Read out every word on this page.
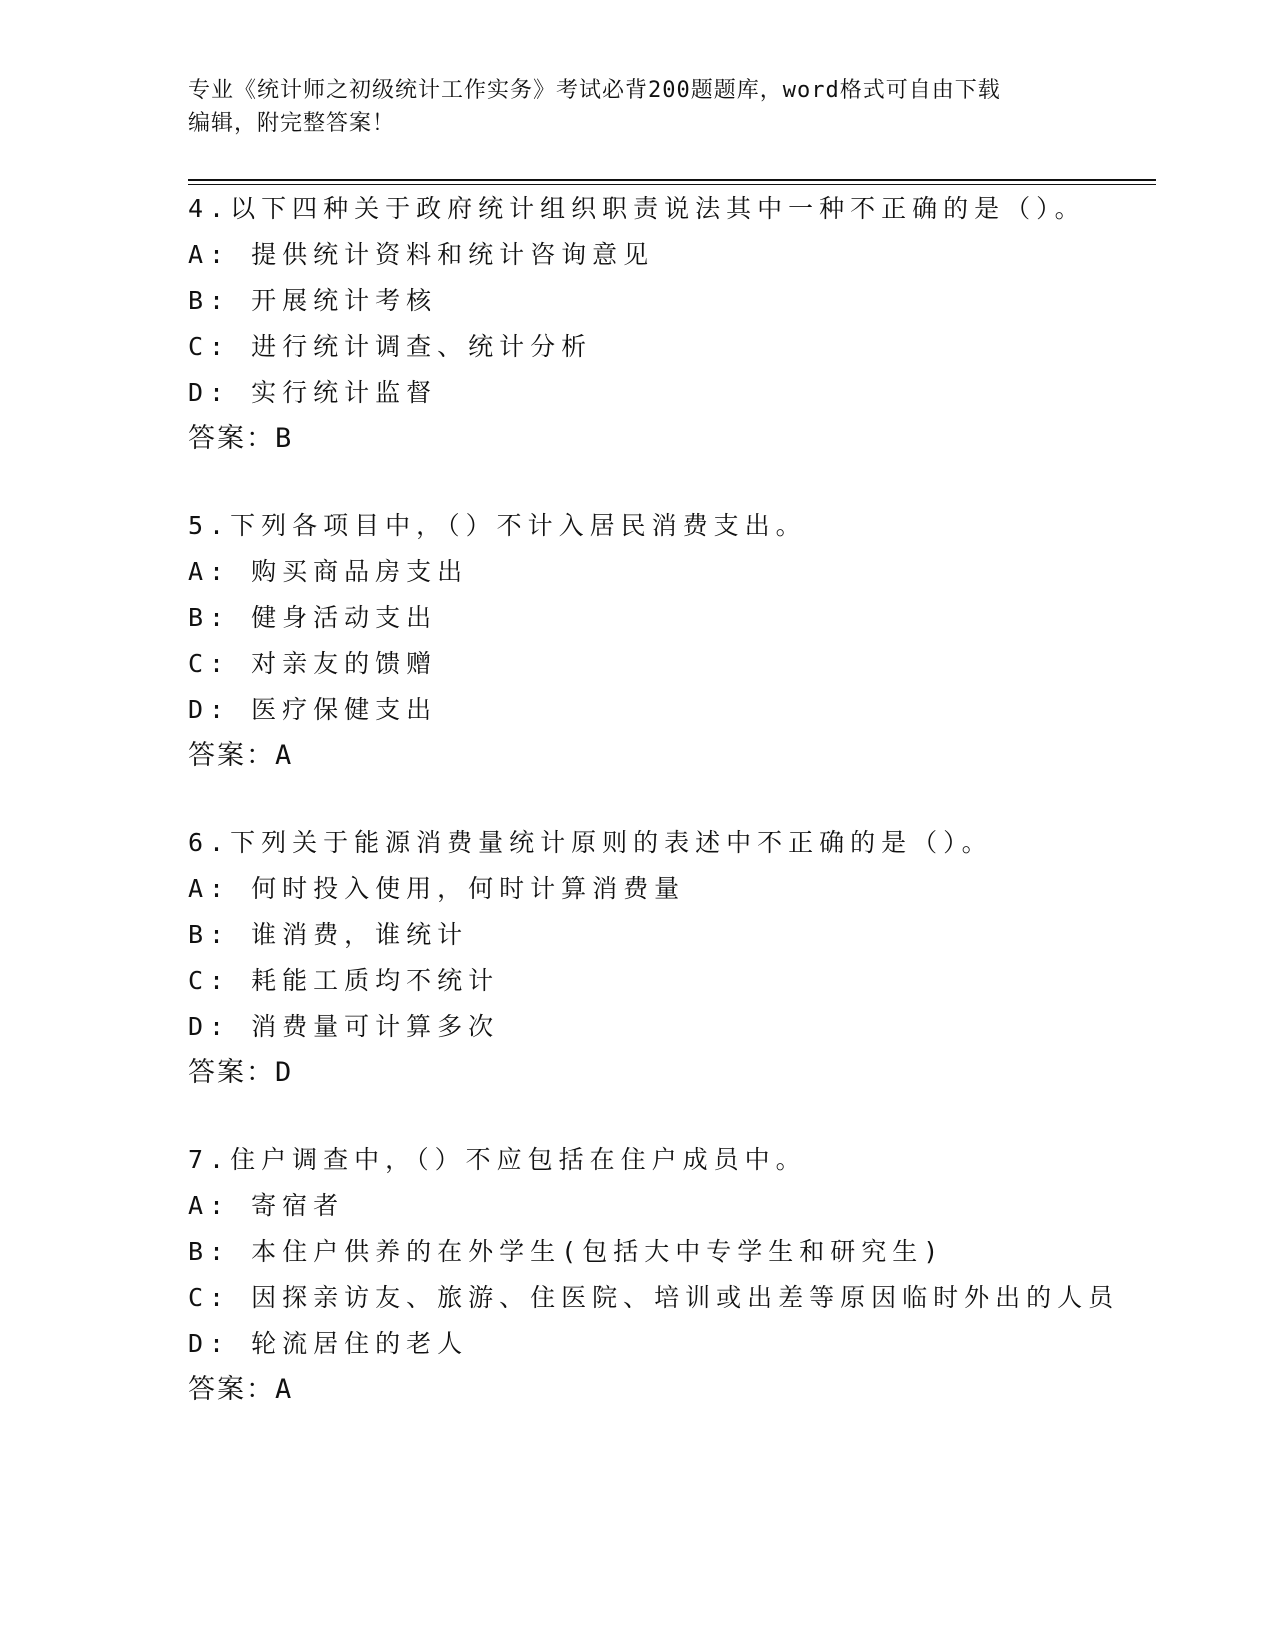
专业《统计师之初级统计工作实务》考试必背200题题库，word格式可自由下载
编辑，附完整答案！
4.以下四种关于政府统计组织职责说法其中一种不正确的是（）。
A: 提供统计资料和统计咨询意见
B: 开展统计考核
C: 进行统计调查、统计分析
D: 实行统计监督
答案：B
5.下列各项目中，（）不计入居民消费支出。
A: 购买商品房支出
B: 健身活动支出
C: 对亲友的馈赠
D: 医疗保健支出
答案：A
6.下列关于能源消费量统计原则的表述中不正确的是（）。
A: 何时投入使用，何时计算消费量
B: 谁消费，谁统计
C: 耗能工质均不统计
D: 消费量可计算多次
答案：D
7.住户调查中，（）不应包括在住户成员中。
A: 寄宿者
B: 本住户供养的在外学生(包括大中专学生和研究生)
C: 因探亲访友、旅游、住医院、培训或出差等原因临时外出的人员
D: 轮流居住的老人
答案：A
